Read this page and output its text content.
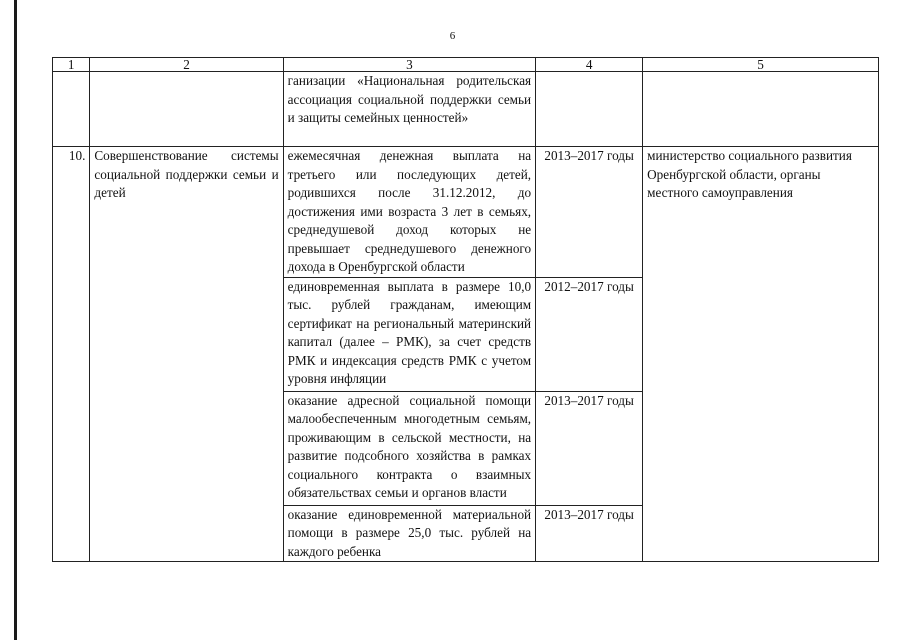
6
1	2	3	4	5
		ганизации «Национальная родительская ассоциация социальной поддержки семьи и защиты семейных ценностей»		
10.	Совершенствование системы социальной поддержки семьи и детей	ежемесячная денежная выплата на третьего или последующих детей, родившихся после 31.12.2012, до достижения ими возраста 3 лет в семьях, среднедушевой доход которых не превышает среднедушевого денежного дохода в Оренбургской области	2013–2017 годы	министерство социального развития Оренбургской области, органы местного самоуправления
		единовременная выплата в размере 10,0 тыс. рублей гражданам, имеющим сертификат на региональный материнский капитал (далее – РМК), за счет средств РМК и индексация средств РМК с учетом уровня инфляции	2012–2017 годы	
		оказание адресной социальной помощи малообеспеченным многодетным семьям, проживающим в сельской местности, на развитие подсобного хозяйства в рамках социального контракта о взаимных обязательствах семьи и органов власти	2013–2017 годы	
		оказание единовременной материальной помощи в размере 25,0 тыс. рублей на каждого ребенка	2013–2017 годы	
